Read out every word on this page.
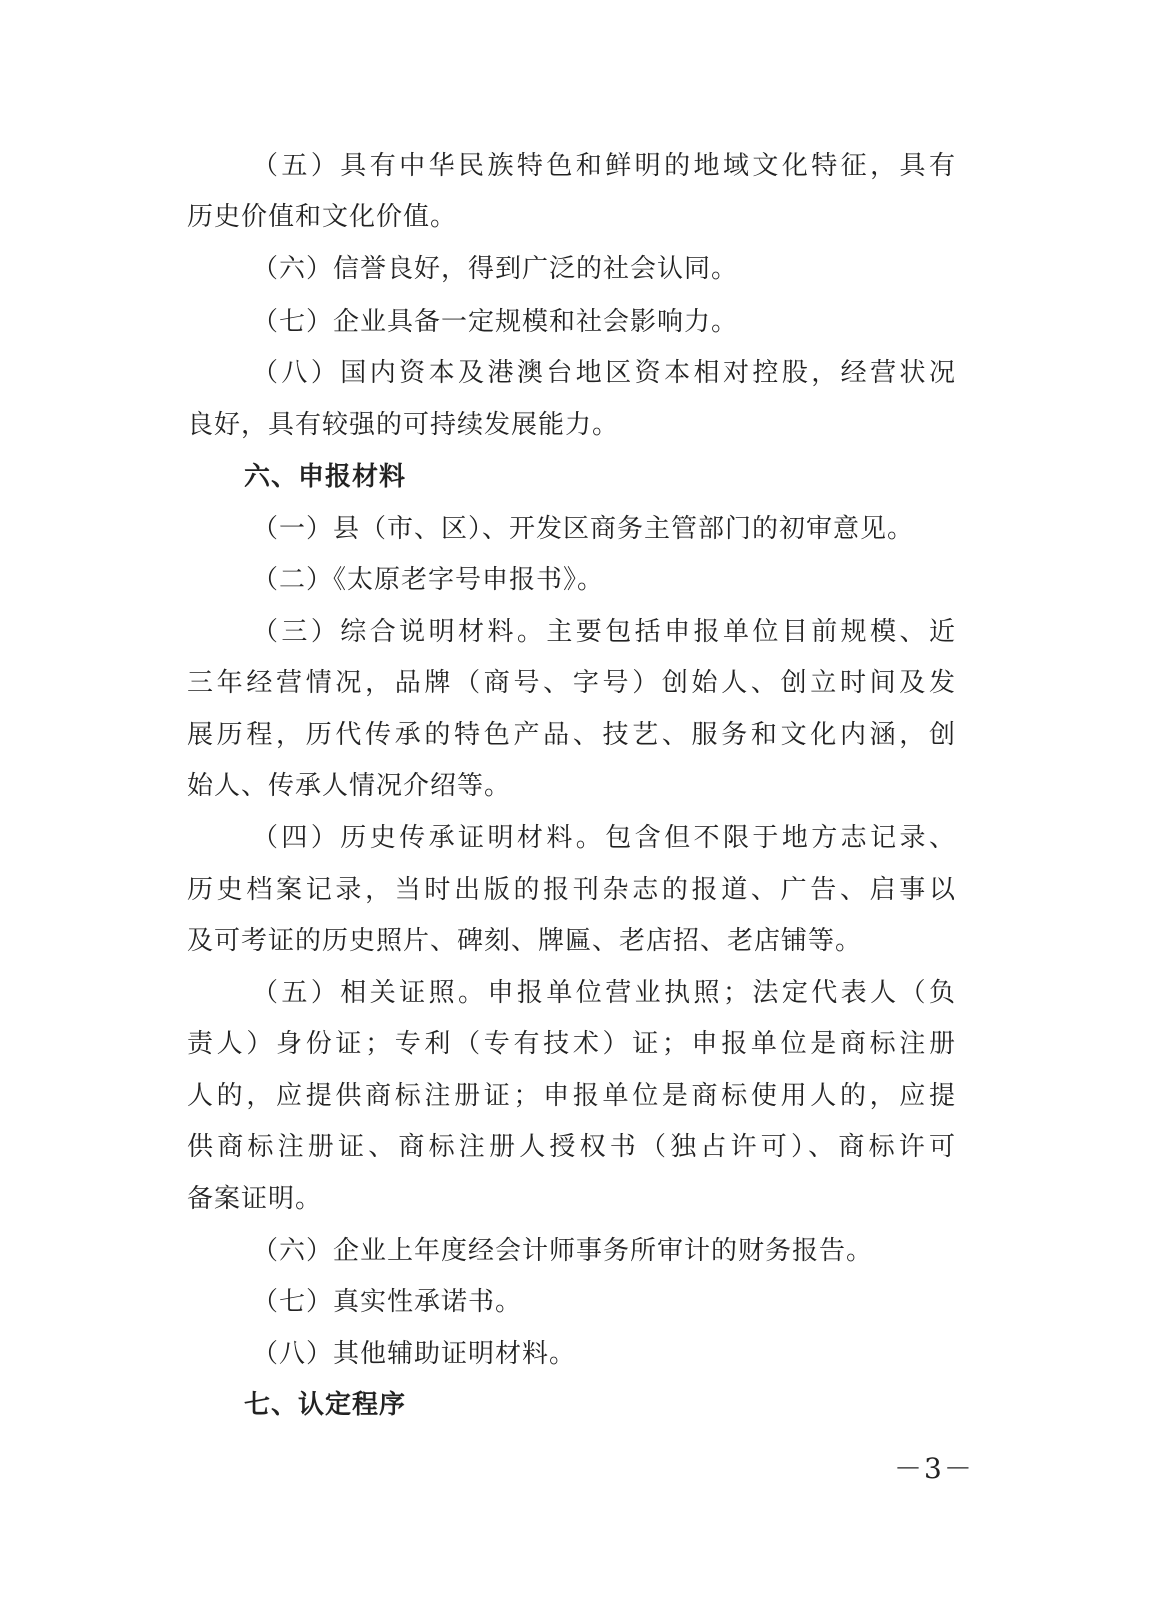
（五）具有中华民族特色和鲜明的地域文化特征，具有
历史价值和文化价值。
（六）信誉良好，得到广泛的社会认同。
（七）企业具备一定规模和社会影响力。
（八）国内资本及港澳台地区资本相对控股，经营状况
良好，具有较强的可持续发展能力。
六、申报材料
（一）县（市、区）、开发区商务主管部门的初审意见。
（二）《太原老字号申报书》。
（三）综合说明材料。主要包括申报单位目前规模、近
三年经营情况，品牌（商号、字号）创始人、创立时间及发
展历程，历代传承的特色产品、技艺、服务和文化内涵，创
始人、传承人情况介绍等。
（四）历史传承证明材料。包含但不限于地方志记录、
历史档案记录，当时出版的报刊杂志的报道、广告、启事以
及可考证的历史照片、碑刻、牌匾、老店招、老店铺等。
（五）相关证照。申报单位营业执照；法定代表人（负
责人）身份证；专利（专有技术）证；申报单位是商标注册
人的，应提供商标注册证；申报单位是商标使用人的，应提
供商标注册证、商标注册人授权书（独占许可）、商标许可
备案证明。
（六）企业上年度经会计师事务所审计的财务报告。
（七）真实性承诺书。
（八）其他辅助证明材料。
七、认定程序
－3－
